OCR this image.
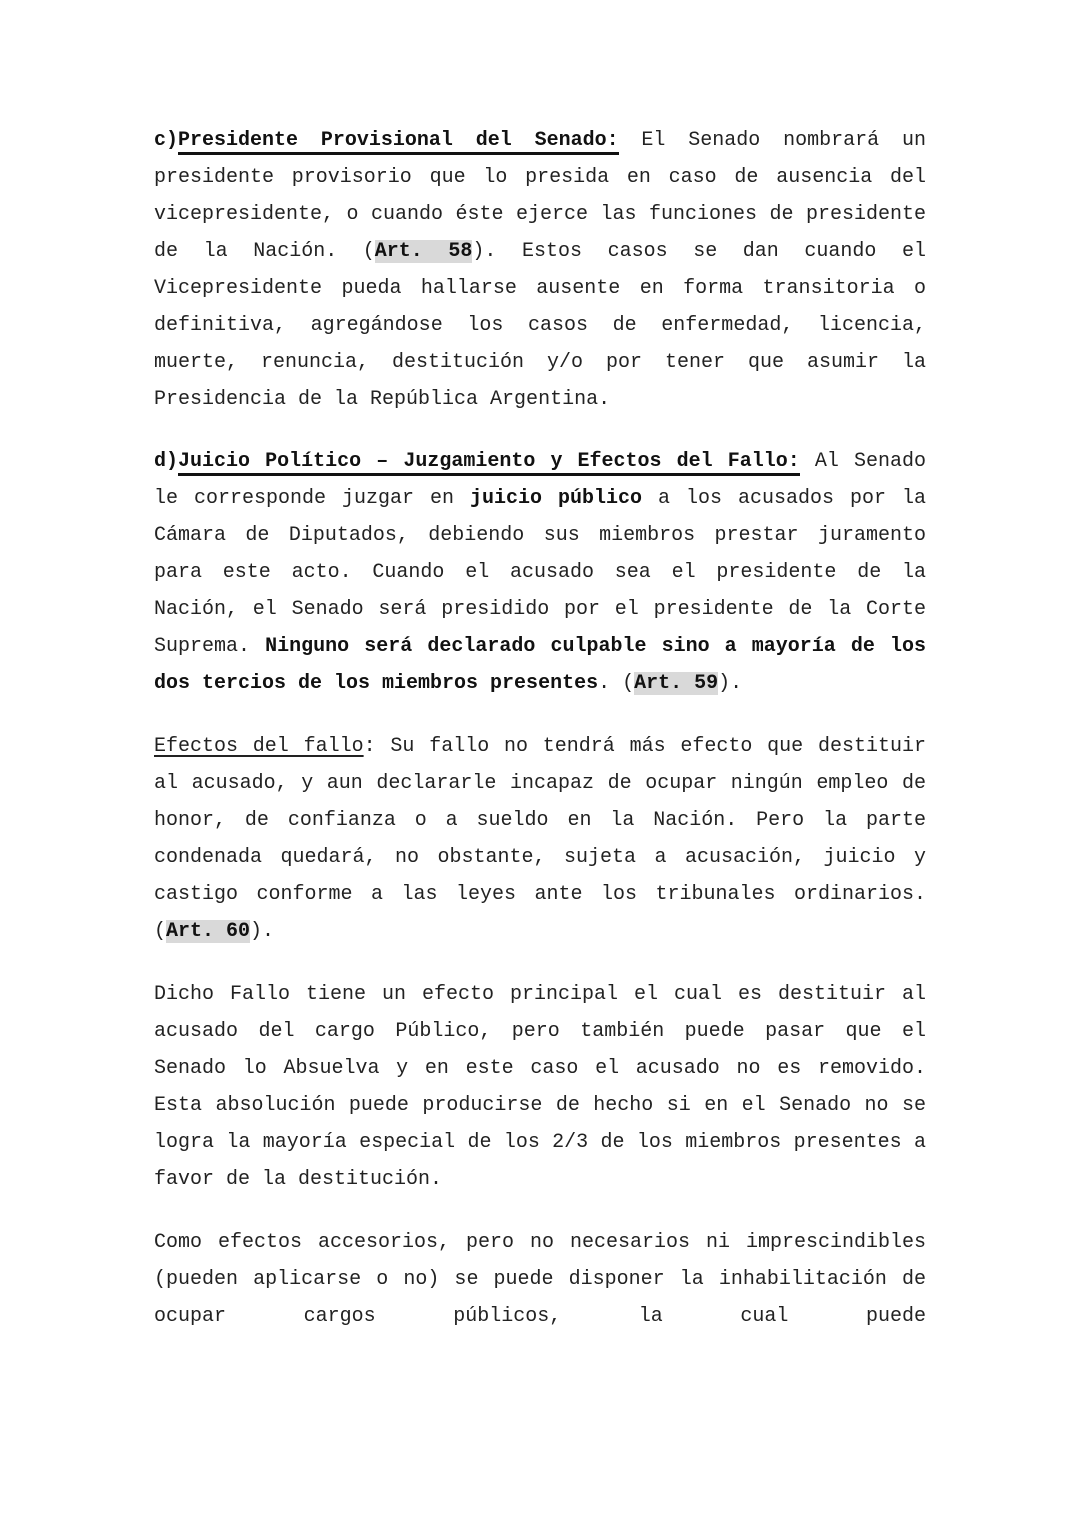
c)Presidente Provisional del Senado: El Senado nombrará un presidente provisorio que lo presida en caso de ausencia del vicepresidente, o cuando éste ejerce las funciones de presidente de la Nación. (Art. 58). Estos casos se dan cuando el Vicepresidente pueda hallarse ausente en forma transitoria o definitiva, agregándose los casos de enfermedad, licencia, muerte, renuncia, destitución y/o por tener que asumir la Presidencia de la República Argentina.

d)Juicio Político – Juzgamiento y Efectos del Fallo: Al Senado le corresponde juzgar en juicio público a los acusados por la Cámara de Diputados, debiendo sus miembros prestar juramento para este acto. Cuando el acusado sea el presidente de la Nación, el Senado será presidido por el presidente de la Corte Suprema. Ninguno será declarado culpable sino a mayoría de los dos tercios de los miembros presentes. (Art. 59).

Efectos del fallo: Su fallo no tendrá más efecto que destituir al acusado, y aun declararle incapaz de ocupar ningún empleo de honor, de confianza o a sueldo en la Nación. Pero la parte condenada quedará, no obstante, sujeta a acusación, juicio y castigo conforme a las leyes ante los tribunales ordinarios. (Art. 60).

Dicho Fallo tiene un efecto principal el cual es destituir al acusado del cargo Público, pero también puede pasar que el Senado lo Absuelva y en este caso el acusado no es removido. Esta absolución puede producirse de hecho si en el Senado no se logra la mayoría especial de los 2/3 de los miembros presentes a favor de la destitución.

Como efectos accesorios, pero no necesarios ni imprescindibles (pueden aplicarse o no) se puede disponer la inhabilitación de ocupar cargos públicos, la cual puede
